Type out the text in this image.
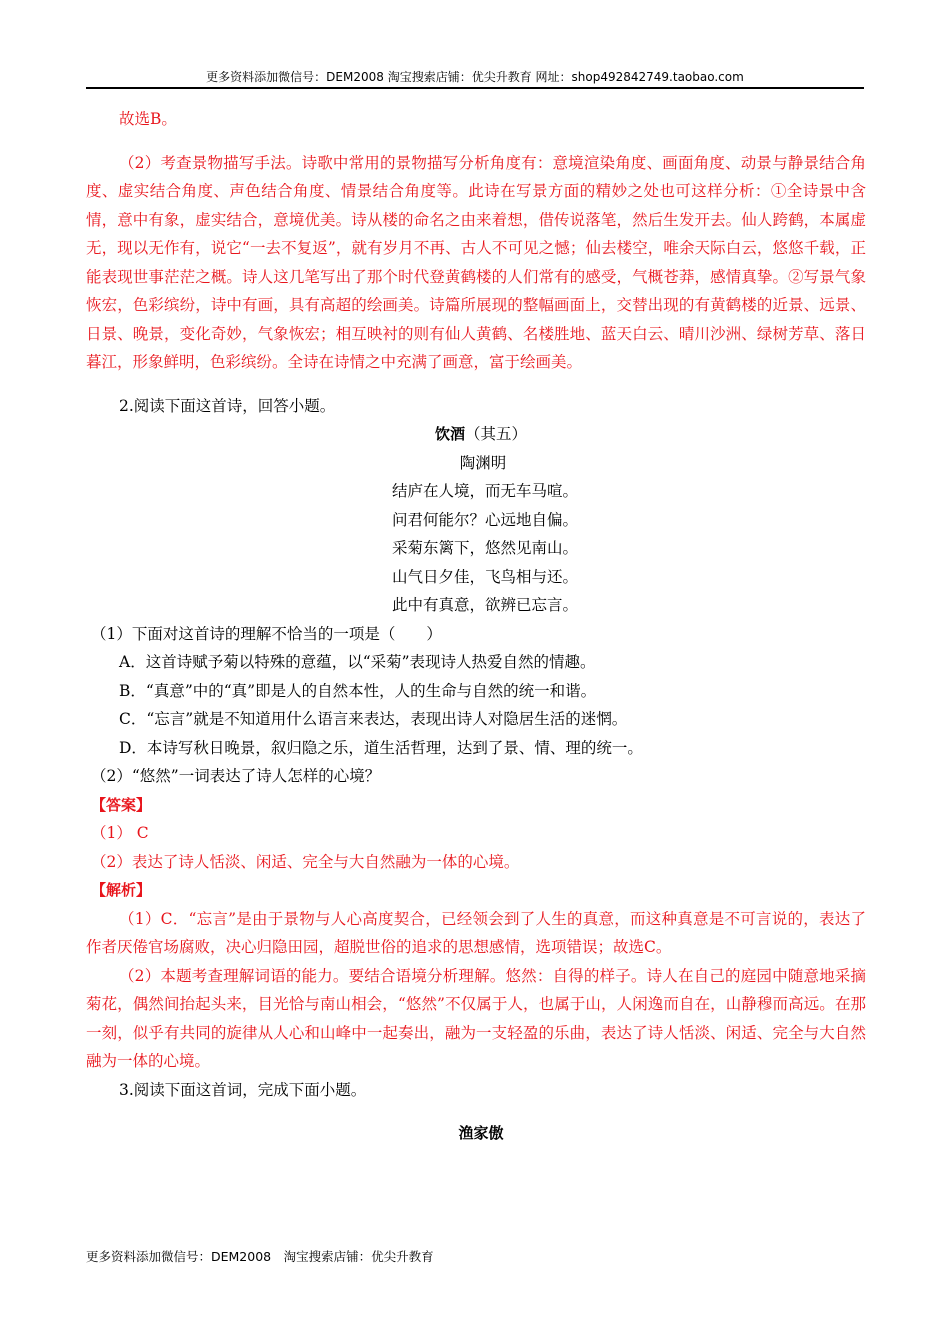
更多资料添加微信号：DEM2008 淘宝搜索店铺：优尖升教育 网址：shop492842749.taobao.com

故选B。

（2）考查景物描写手法。诗歌中常用的景物描写分析角度有：意境渲染角度、画面角度、动景与静景结合角度、虚实结合角度、声色结合角度、情景结合角度等。此诗在写景方面的精妙之处也可这样分析：①全诗景中含情，意中有象，虚实结合，意境优美。诗从楼的命名之由来着想，借传说落笔，然后生发开去。仙人跨鹤，本属虚无，现以无作有，说它“一去不复返”，就有岁月不再、古人不可见之憾；仙去楼空，唯余天际白云，悠悠千载，正能表现世事茫茫之概。诗人这几笔写出了那个时代登黄鹤楼的人们常有的感受，气概苍莽，感情真挚。②写景气象恢宏，色彩缤纷，诗中有画，具有高超的绘画美。诗篇所展现的整幅画面上，交替出现的有黄鹤楼的近景、远景、日景、晚景，变化奇妙，气象恢宏；相互映衬的则有仙人黄鹤、名楼胜地、蓝天白云、晴川沙洲、绿树芳草、落日暮江，形象鲜明，色彩缤纷。全诗在诗情之中充满了画意，富于绘画美。

2.阅读下面这首诗，回答小题。

饮酒（其五）

陶渊明

结庐在人境，而无车马喧。

问君何能尔？心远地自偏。

采菊东篱下，悠然见南山。

山气日夕佳，飞鸟相与还。

此中有真意，欲辨已忘言。

（1）下面对这首诗的理解不恰当的一项是（　　）

A．这首诗赋予菊以特殊的意蕴，以“采菊”表现诗人热爱自然的情趣。

B．“真意”中的“真”即是人的自然本性，人的生命与自然的统一和谐。

C．“忘言”就是不知道用什么语言来表达，表现出诗人对隐居生活的迷惘。

D．本诗写秋日晚景，叙归隐之乐，道生活哲理，达到了景、情、理的统一。

（2）“悠然”一词表达了诗人怎样的心境？

【答案】

（1） C

（2）表达了诗人恬淡、闲适、完全与大自然融为一体的心境。

【解析】

（1）C．“忘言”是由于景物与人心高度契合，已经领会到了人生的真意，而这种真意是不可言说的，表达了作者厌倦官场腐败，决心归隐田园，超脱世俗的追求的思想感情，选项错误；故选C。

（2）本题考查理解词语的能力。要结合语境分析理解。悠然：自得的样子。诗人在自己的庭园中随意地采摘菊花，偶然间抬起头来，目光恰与南山相会，“悠然”不仅属于人，也属于山，人闲逸而自在，山静穆而高远。在那一刻，似乎有共同的旋律从人心和山峰中一起奏出，融为一支轻盈的乐曲，表达了诗人恬淡、闲适、完全与大自然融为一体的心境。

3.阅读下面这首词，完成下面小题。

渔家傲

更多资料添加微信号：DEM2008　淘宝搜索店铺：优尖升教育
